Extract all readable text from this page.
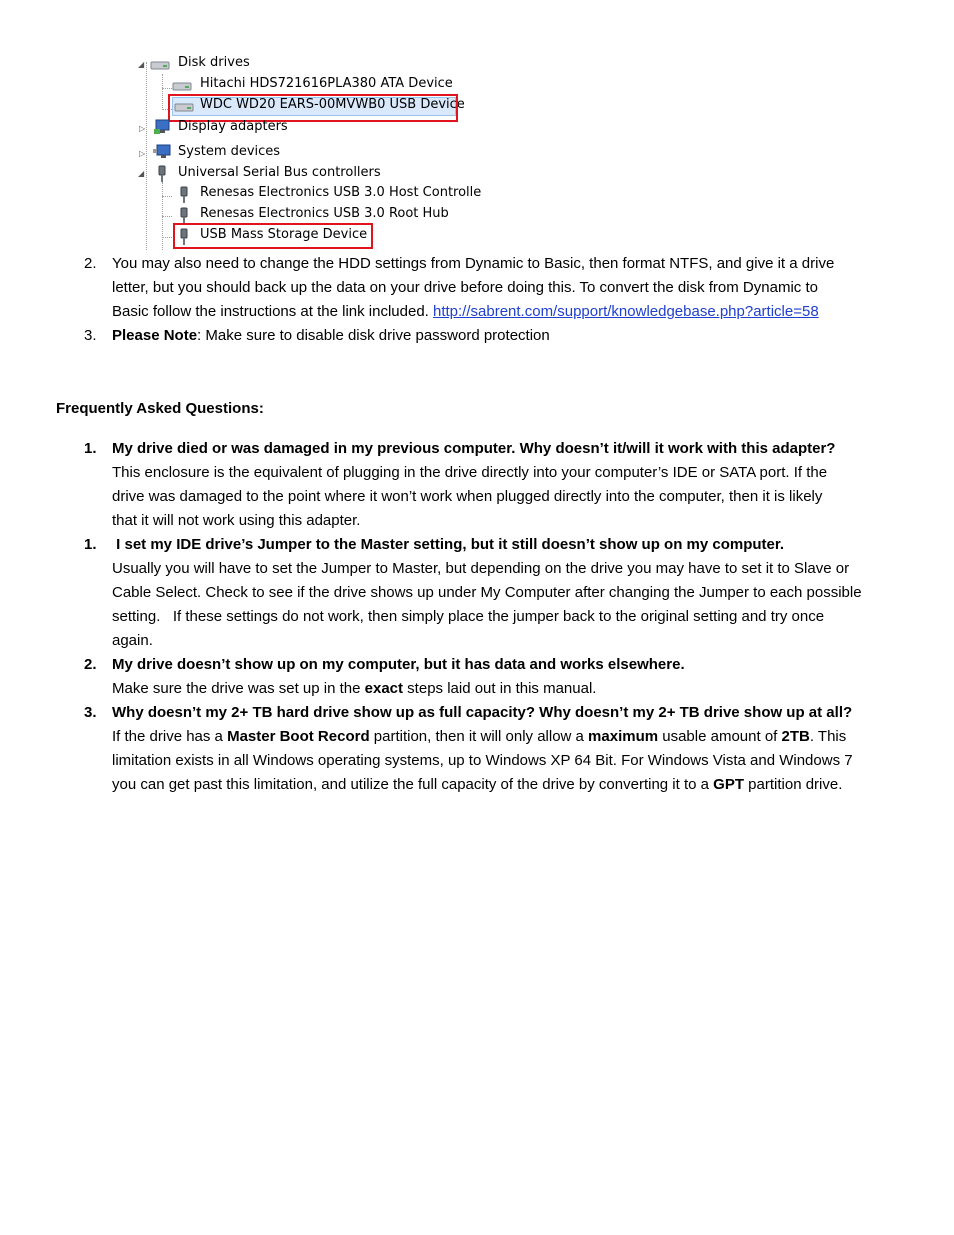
◢	Disk drives
Hitachi HDS721616PLA380 ATA Device
WDC WD20 EARS-00MVWB0 USB Device
▷	Display adapters
▷	System devices
◢	Universal Serial Bus controllers
Renesas Electronics USB 3.0 Host Controlle
Renesas Electronics USB 3.0 Root Hub
USB Mass Storage Device
2. You may also need to change the HDD settings from Dynamic to Basic, then format NTFS, and give it a drive
letter, but you should back up the data on your drive before doing this. To convert the disk from Dynamic to
Basic follow the instructions at the link included. http://sabrent.com/support/knowledgebase.php?article=58
3. Please Note: Make sure to disable disk drive password protection
Frequently Asked Questions:
1. My drive died or was damaged in my previous computer. Why doesn’t it/will it work with this adapter?
This enclosure is the equivalent of plugging in the drive directly into your computer’s IDE or SATA port. If the
drive was damaged to the point where it won’t work when plugged directly into the computer, then it is likely
that it will not work using this adapter.
1. I set my IDE drive’s Jumper to the Master setting, but it still doesn’t show up on my computer.
Usually you will have to set the Jumper to Master, but depending on the drive you may have to set it to Slave or
Cable Select. Check to see if the drive shows up under My Computer after changing the Jumper to each possible
setting.   If these settings do not work, then simply place the jumper back to the original setting and try once
again.
2. My drive doesn’t show up on my computer, but it has data and works elsewhere.
Make sure the drive was set up in the exact steps laid out in this manual.
3. Why doesn’t my 2+ TB hard drive show up as full capacity? Why doesn’t my 2+ TB drive show up at all?
If the drive has a Master Boot Record partition, then it will only allow a maximum usable amount of 2TB. This
limitation exists in all Windows operating systems, up to Windows XP 64 Bit. For Windows Vista and Windows 7
you can get past this limitation, and utilize the full capacity of the drive by converting it to a GPT partition drive.
